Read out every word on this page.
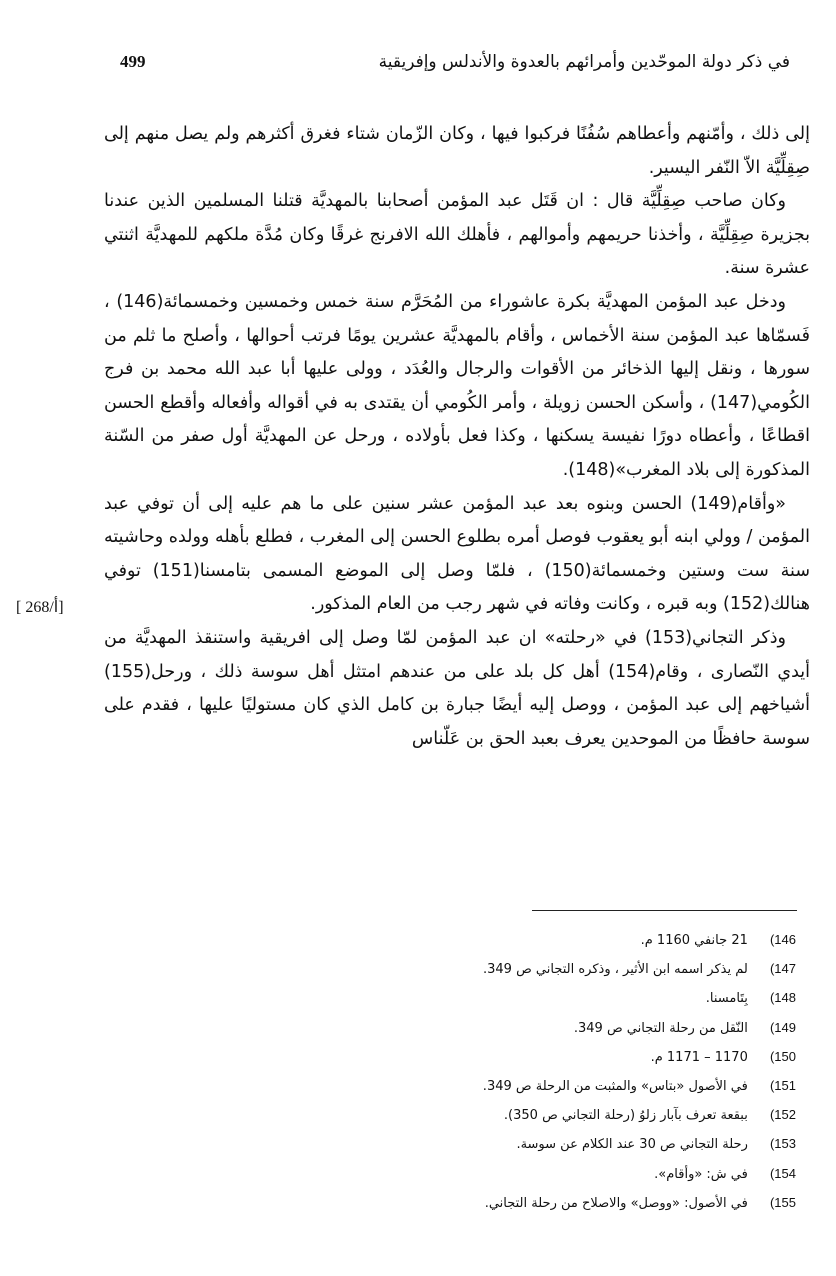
499	في ذكر دولة الموحّدين وأمرائهم بالعدوة والأندلس وإفريقية

إلى ذلك ، وأمّنهم وأعطاهم سُفُنًا فركبوا فيها ، وكان الزّمان شتاء فغرق أكثرهم ولم يصل منهم إلى صِقِلِّيَّة الاّ النّفر اليسير.

وكان صاحب صِقِلِّيَّة قال : ان قَتَل عبد المؤمن أصحابنا بالمهديَّة قتلنا المسلمين الذين عندنا بجزيرة صِقِلِّيَّة ، وأخذنا حريمهم وأموالهم ، فأهلك الله الافرنج غرقًا وكان مُدَّة ملكهم للمهديَّة اثنتي عشرة سنة.

ودخل عبد المؤمن المهديَّة بكرة عاشوراء من المُحَرَّم سنة خمس وخمسين وخمسمائة(146) ، فَسمّاها عبد المؤمن سنة الأخماس ، وأقام بالمهديَّة عشرين يومًا فرتب أحوالها ، وأصلح ما ثلم من سورها ، ونقل إليها الذخائر من الأقوات والرجال والعُدَد ، وولى عليها أبا عبد الله محمد بن فرج الكُومي(147) ، وأسكن الحسن زويلة ، وأمر الكُومي أن يقتدى به في أقواله وأفعاله وأقطع الحسن اقطاعًا ، وأعطاه دورًا نفيسة يسكنها ، وكذا فعل بأولاده ، ورحل عن المهديَّة أول صفر من السّنة المذكورة إلى بلاد المغرب»(148).

«وأقام(149) الحسن وبنوه بعد عبد المؤمن عشر سنين على ما هم عليه إلى أن توفي عبد المؤمن / وولي ابنه أبو يعقوب فوصل أمره بطلوع الحسن إلى المغرب ، فطلع بأهله وولده وحاشيته سنة ست وستين وخمسمائة(150) ، فلمّا وصل إلى الموضع المسمى بتامسنا(151) توفي هنالك(152) وبه قبره ، وكانت وفاته في شهر رجب من العام المذكور.

وذكر التجاني(153) في «رحلته» ان عبد المؤمن لمّا وصل إلى افريقية واستنقذ المهديَّة من أيدي النّصارى ، وقام(154) أهل كل بلد على من عندهم امتثل أهل سوسة ذلك ، ورحل(155) أشياخهم إلى عبد المؤمن ، ووصل إليه أيضًا جبارة بن كامل الذي كان مستوليًا عليها ، فقدم على سوسة حافظًا من الموحدين يعرف بعبد الحق بن عَلّناس

[ 268/أ]
146) 21 جانفي 1160 م.
147) لم يذكر اسمه ابن الأثير ، وذكره التجاني ص 349.
148) بِتَامسنا.
149) النّقل من رحلة التجاني ص 349.
150) 1170 – 1171 م.
151) في الأصول «بتاس» والمثبت من الرحلة ص 349.
152) ببقعة تعرف بآبار زلوُ (رحلة التجاني ص 350).
153) رحلة التجاني ص 30 عند الكلام عن سوسة.
154) في ش: «وأقام».
155) في الأصول: «ووصل» والاصلاح من رحلة التجاني.
